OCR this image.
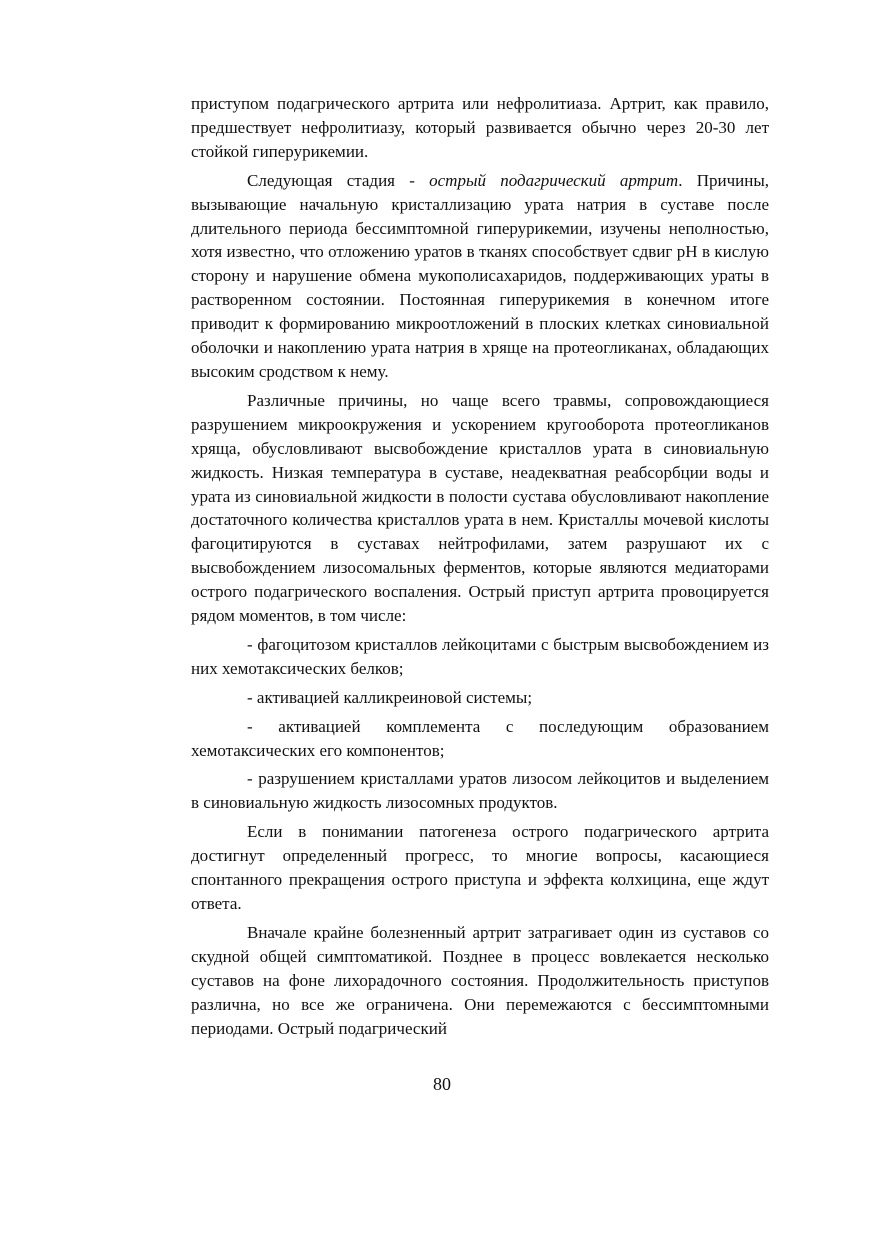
приступом подагрического артрита или нефролитиаза. Артрит, как правило, предшествует нефролитиазу, который развивается обычно через 20-30 лет стойкой гиперурикемии.

Следующая стадия - острый подагрический артрит. Причины, вызывающие начальную кристаллизацию урата натрия в суставе после длительного периода бессимптомной гиперурикемии, изучены неполностью, хотя известно, что отложению уратов в тканях способствует сдвиг pH в кислую сторону и нарушение обмена мукополисахаридов, поддерживающих ураты в растворенном состоянии. Постоянная гиперурикемия в конечном итоге приводит к формированию микроотложений в плоских клетках синовиальной оболочки и накоплению урата натрия в хряще на протеогликанах, обладающих высоким сродством к нему.

Различные причины, но чаще всего травмы, сопровождающиеся разрушением микроокружения и ускорением кругооборота протеогликанов хряща, обусловливают высвобождение кристаллов урата в синовиальную жидкость. Низкая температура в суставе, неадекватная реабсорбции воды и урата из синовиальной жидкости в полости сустава обусловливают накопление достаточного количества кристаллов урата в нем. Кристаллы мочевой кислоты фагоцитируются в суставах нейтрофилами, затем разрушают их с высвобождением лизосомальных ферментов, которые являются медиаторами острого подагрического воспаления. Острый приступ артрита провоцируется рядом моментов, в том числе:

- фагоцитозом кристаллов лейкоцитами с быстрым высвобождением из них хемотаксических белков;

- активацией калликреиновой системы;

- активацией комплемента с последующим образованием хемотаксических его компонентов;

- разрушением кристаллами уратов лизосом лейкоцитов и выделением в синовиальную жидкость лизосомных продуктов.

Если в понимании патогенеза острого подагрического артрита достигнут определенный прогресс, то многие вопросы, касающиеся спонтанного прекращения острого приступа и эффекта колхицина, еще ждут ответа.

Вначале крайне болезненный артрит затрагивает один из суставов со скудной общей симптоматикой. Позднее в процесс вовлекается несколько суставов на фоне лихорадочного состояния. Продолжительность приступов различна, но все же ограничена. Они перемежаются с бессимптомными периодами. Острый подагрический

80
